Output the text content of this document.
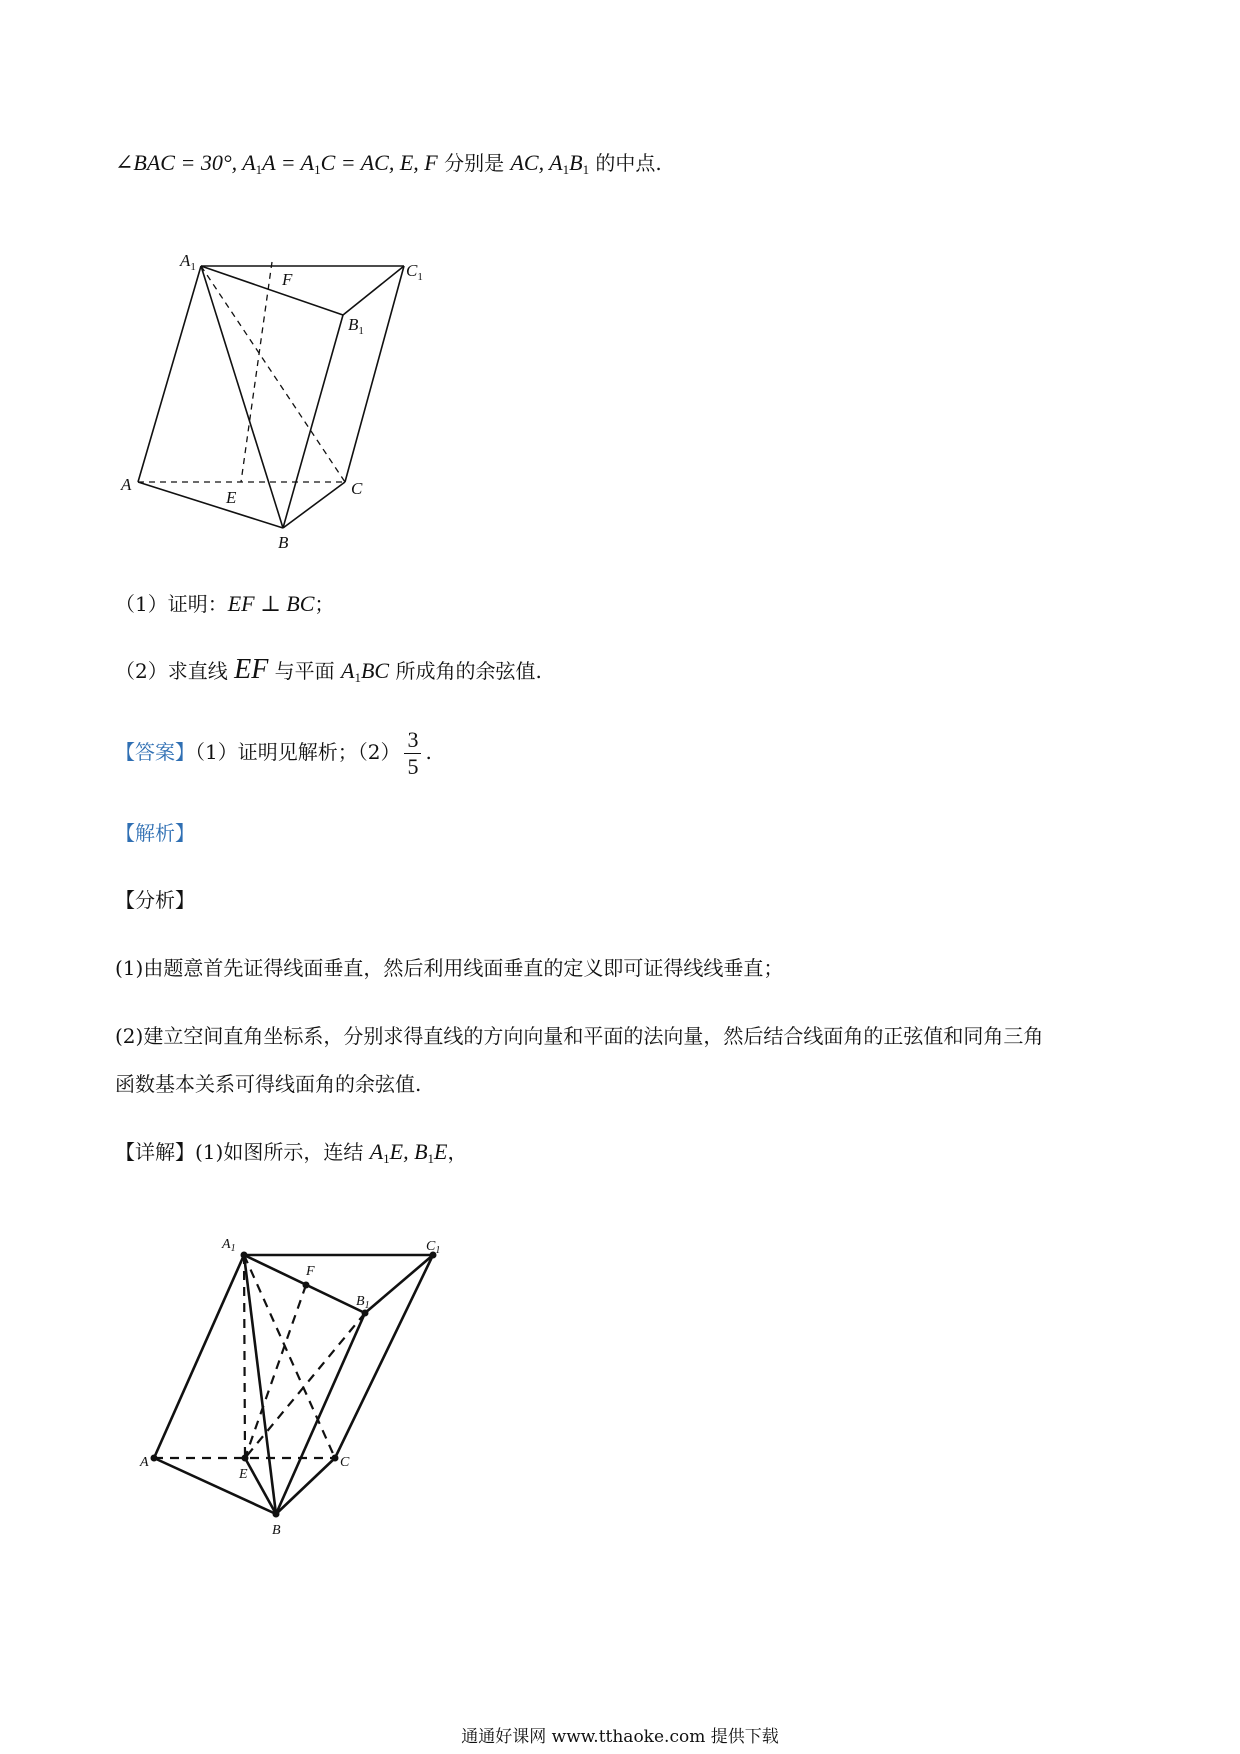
∠BAC = 30°, $A_1A = A_1C$ = AC, E, F 分别是 AC, $A_1B_1$ 的中点.
$A_1$	$C_1$
$B_1$
F
A
E	C
B
（1）证明：EF ⊥ BC；
（2）求直线 EF 与平面 $A_1BC$ 所成角的余弦值.
【答案】（1）证明见解析；$(2) \frac{3}{5}$ .
【解析】
【分析】
(1)由题意首先证得线面垂直，然后利用线面垂直的定义即可证得线线垂直；
(2)建立空间直角坐标系，分别求得直线的方向向量和平面的法向量，然后结合线面角的正弦值和同角三角
函数基本关系可得线面角的余弦值.
【详解】(1)如图所示，连结 $A_1E$, $B_1E$，
$A_1$	$C_1$
$B_1$
F
A
E
C
B
通通好课网 www.tthaoke.com 提供下载
